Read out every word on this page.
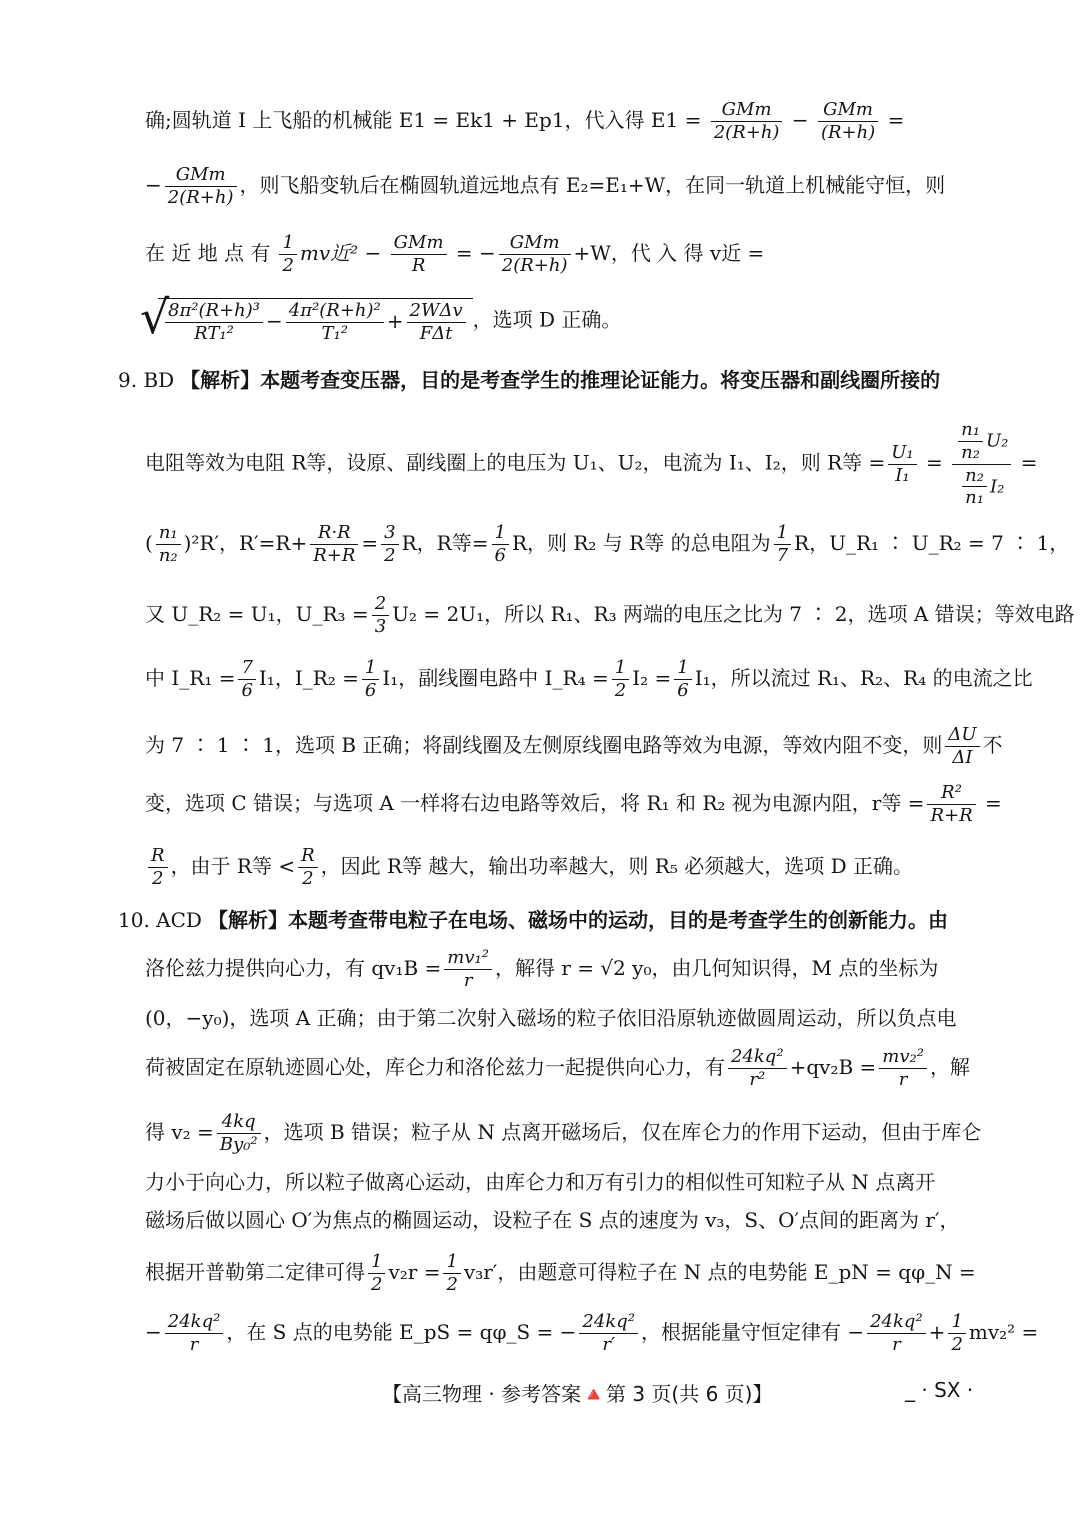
确;圆轨道 Ⅰ 上飞船的机械能 E1 = Ek1 + Ep1，代入得 $E1 = \frac{\text{GMm}}{2(R+h)} - \frac{\text{GMm}}{(R+h)}$ =
− $\frac{\text{GMm}}{2(R+h)}$ ，则飞船变轨后在椭圆轨道远地点有 E₂=E₁+W，在同一轨道上机械能守恒，则
在 近 地 点 有 $\frac{1}{2}$ mv近$^2 - \frac{\text{GMm}}{R}$ = − $\frac{\text{GMm}}{2(R+h)} +W$，代 入 得 v近 =
√
$\frac{\text{8π²(R+h)³}}{\text{RT₁²}} - \frac{\text{4π²(R+h)²}}{\text{T₁²}} + \frac{\text{2WΔv}}{\text{FΔt}}$ ，选项 D 正确。
9. BD 【解析】本题考查变压器，目的是考查学生的推理论证能力。将变压器和副线圈所接的
电阻等效为电阻 R等，设原、副线圈上的电压为 U₁、U₂，电流为 I₁、I₂，则 R等 = $\frac{\text{U₁}}{\text{I₁}} = \frac{\frac{\text{n₁}}{\text{n₂}} U_2}{\frac{\text{n₂}}{\text{n₁}} I_2}$ =
( $\frac{\text{n₁}}{\text{n₂}} )^2R'$，$R'=R+ \frac{R\cdot R}{R+R} = \frac{3}{2}$ R，R等= $\frac{1}{6}$ R，则 R₂ 与 R等 的总电阻为 $\frac{1}{7}$ R，U_R₁ ∶ U_R₂ = 7 ∶ 1，
又 U_R₂ = U₁，U_R₃ = $\frac{2}{3} U_2 = 2U_1$，所以 R₁、R₃ 两端的电压之比为 7 ∶ 2，选项 A 错误；等效电路
中 I_R₁ = $\frac{7}{6} I_1$，I_R₂ = $\frac{1}{6} I_1$，副线圈电路中 I_R₄ = $\frac{1}{2} I_2 = \frac{1}{6} I_1$，所以流过 R₁、R₂、R₄ 的电流之比
为 7 ∶ 1 ∶ 1，选项 B 正确；将副线圈及左侧原线圈电路等效为电源，等效内阻不变，则 $\frac{\Delta U}{\Delta I}$ 不
变，选项 C 错误；与选项 A 一样将右边电路等效后，将 R₁ 和 R₂ 视为电源内阻，r等 = $\frac{\text{R²}}{R+R}$ =
$\frac{R}{2}$ ，由于 R等 < $\frac{R}{2}$ ，因此 R等 越大，输出功率越大，则 R₅ 必须越大，选项 D 正确。
10. ACD 【解析】本题考查带电粒子在电场、磁场中的运动，目的是考查学生的创新能力。由
洛伦兹力提供向心力，有 $qv_1B = \frac{\text{mv₁²}}{r}$ ，解得 r = √2 y₀，由几何知识得，M 点的坐标为
(0，−y₀)，选项 A 正确；由于第二次射入磁场的粒子依旧沿原轨迹做圆周运动，所以负点电
荷被固定在原轨迹圆心处，库仑力和洛伦兹力一起提供向心力，有 $\frac{\text{24kq²}}{\text{r²}} +qv_2B = \frac{\text{mv₂²}}{r}$ ，解
得 $v_2 = \frac{4kq}{\text{By₀²}}$ ，选项 B 错误；粒子从 N 点离开磁场后，仅在库仑力的作用下运动，但由于库仑
力小于向心力，所以粒子做离心运动，由库仑力和万有引力的相似性可知粒子从 N 点离开
磁场后做以圆心 O′为焦点的椭圆运动，设粒子在 S 点的速度为 v₃，S、O′点间的距离为 r′，
根据开普勒第二定律可得 $\frac{1}{2} v_2r = \frac{1}{2} v_3r'$，由题意可得粒子在 N 点的电势能 E_pN = qφ_N =
− $\frac{\text{24kq²}}{r}$ ，在 S 点的电势能 E_pS = qφ_S = − $\frac{\text{24kq²}}{r'}$ ，根据能量守恒定律有 − $\frac{\text{24kq²}}{r} + \frac{1}{2} mv_2^2$ =
【高三物理 · 参考答案🔺第 3 页(共 6 页)】	_ · SX ·
